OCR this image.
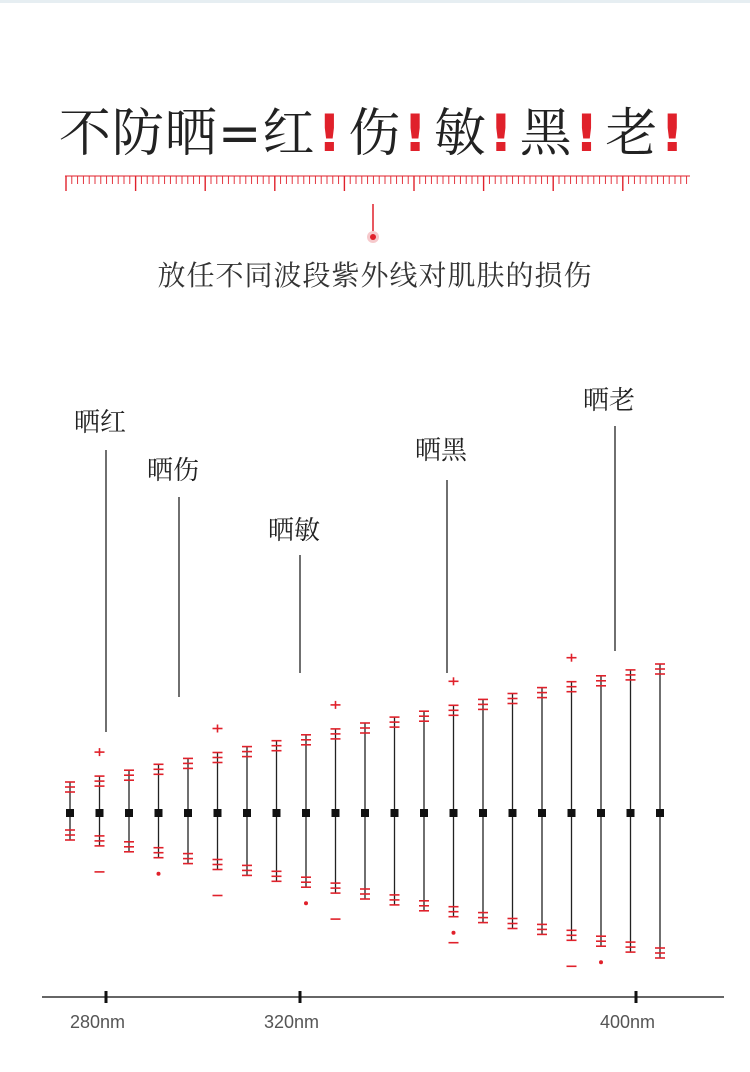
不防晒=红! 伤! 敏! 黑! 老!
放任不同波段紫外线对肌肤的损伤
晒红
晒伤
晒敏
晒黑
晒老
280nm	320nm	400nm
